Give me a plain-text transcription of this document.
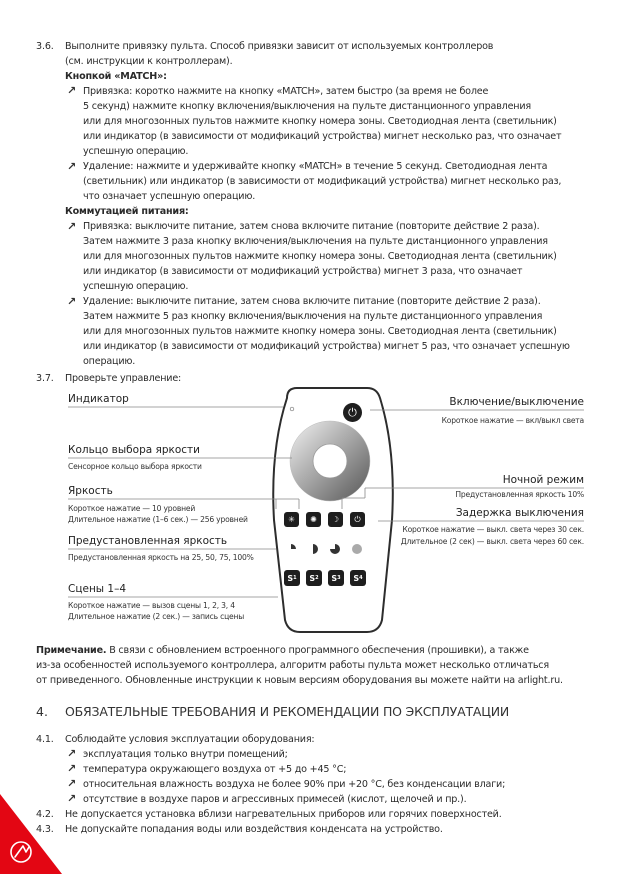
3.6. Выполните привязку пульта. Способ привязки зависит от используемых контроллеров
(см. инструкции к контроллерам).
Кнопкой «MATCH»:
↗ Привязка: коротко нажмите на кнопку «MATCH», затем быстро (за время не более
5 секунд) нажмите кнопку включения/выключения на пульте дистанционного управления
или для многозонных пультов нажмите кнопку номера зоны. Светодиодная лента (светильник)
или индикатор (в зависимости от модификаций устройства) мигнет несколько раз, что означает
успешную операцию.
↗ Удаление: нажмите и удерживайте кнопку «MATCH» в течение 5 секунд. Светодиодная лента
(светильник) или индикатор (в зависимости от модификаций устройства) мигнет несколько раз,
что означает успешную операцию.
Коммутацией питания:
↗ Привязка: выключите питание, затем снова включите питание (повторите действие 2 раза).
Затем нажмите 3 раза кнопку включения/выключения на пульте дистанционного управления
или для многозонных пультов нажмите кнопку номера зоны. Светодиодная лента (светильник)
или индикатор (в зависимости от модификаций устройства) мигнет 3 раза, что означает
успешную операцию.
↗ Удаление: выключите питание, затем снова включите питание (повторите действие 2 раза).
Затем нажмите 5 раз кнопку включения/выключения на пульте дистанционного управления
или для многозонных пультов нажмите кнопку номера зоны. Светодиодная лента (светильник)
или индикатор (в зависимости от модификаций устройства) мигнет 5 раз, что означает успешную
операцию.
3.7. Проверьте управление:
⏻
✳ ✺ ☽ ⏻
S 1	S 2	S 3	S 4
Индикатор
Кольцо выбора яркости
Сенсорное кольцо выбора яркости
Яркость
Короткое нажатие — 10 уровней
Длительное нажатие (1–6 сек.) — 256 уровней
Предустановленная яркость
Предустановленная яркость на 25, 50, 75, 100%
Сцены 1–4
Короткое нажатие — вызов сцены 1, 2, 3, 4
Длительное нажатие (2 сек.) — запись сцены
Включение/выключение
Короткое нажатие — вкл/выкл света
Ночной режим
Предустановленная яркость 10%
Задержка выключения
Короткое нажатие — выкл. света через 30 сек.
Длительное (2 сек) — выкл. света через 60 сек.
Примечание. В связи с обновлением встроенного программного обеспечения (прошивки), а также
из-за особенностей используемого контроллера, алгоритм работы пульта может несколько отличаться
от приведенного. Обновленные инструкции к новым версиям оборудования вы можете найти на arlight.ru.
4. ОБЯЗАТЕЛЬНЫЕ ТРЕБОВАНИЯ И РЕКОМЕНДАЦИИ ПО ЭКСПЛУАТАЦИИ
4.1. Соблюдайте условия эксплуатации оборудования:
↗ эксплуатация только внутри помещений;
↗ температура окружающего воздуха от +5 до +45 °С;
↗ относительная влажность воздуха не более 90% при +20 °С, без конденсации влаги;
↗ отсутствие в воздухе паров и агрессивных примесей (кислот, щелочей и пр.).
4.2. Не допускается установка вблизи нагревательных приборов или горячих поверхностей.
4.3. Не допускайте попадания воды или воздействия конденсата на устройство.
